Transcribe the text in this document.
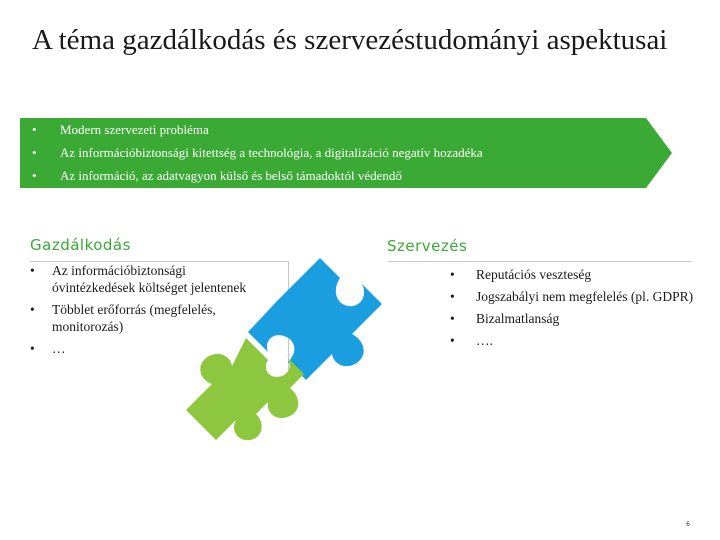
A téma gazdálkodás és szervezéstudományi aspektusai
•	Modern szervezeti probléma
•	Az információbiztonsági kitettség a technológia, a digitalizáció negatív hozadéka
•	Az információ, az adatvagyon külső és belső támadoktól védendő
Gazdálkodás	Szervezés
•	Az információbiztonsági óvintézkedések költséget jelentenek
•	Többlet erőforrás (megfelelés, monitorozás)
•	…
•	Reputációs veszteség
•	Jogszabályi nem megfelelés (pl. GDPR)
•	Bizalmatlanság
•	….
6
